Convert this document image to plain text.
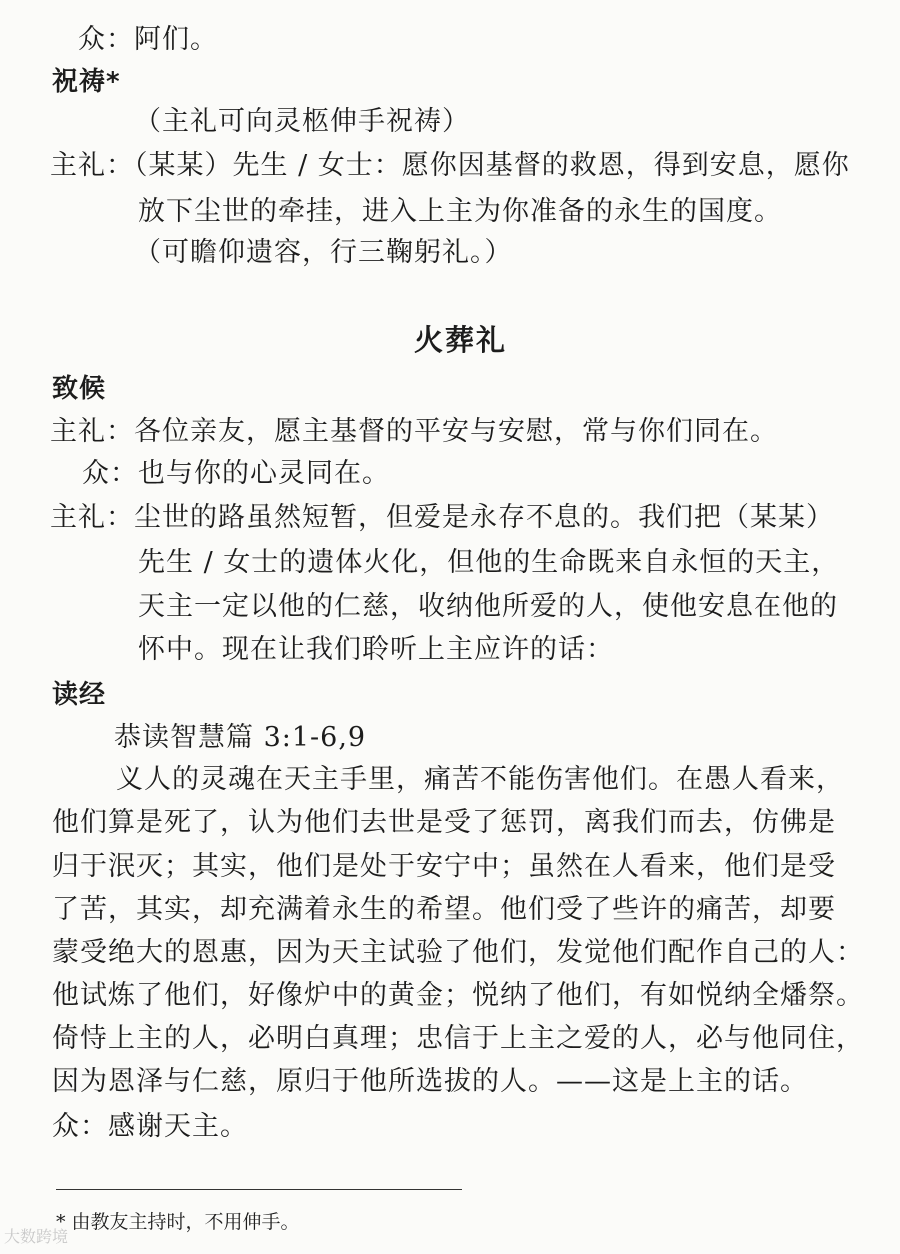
众：阿们。
祝祷*
（主礼可向灵柩伸手祝祷）
主礼：（某某）先生 / 女士：愿你因基督的救恩，得到安息，愿你
放下尘世的牵挂，进入上主为你准备的永生的国度。
（可瞻仰遗容，行三鞠躬礼。）
火葬礼
致候
主礼：各位亲友，愿主基督的平安与安慰，常与你们同在。
众：也与你的心灵同在。
主礼：尘世的路虽然短暂，但爱是永存不息的。我们把（某某）
先生 / 女士的遗体火化，但他的生命既来自永恒的天主，
天主一定以他的仁慈，收纳他所爱的人，使他安息在他的
怀中。现在让我们聆听上主应许的话：
读经
恭读智慧篇 3:1-6,9
义人的灵魂在天主手里，痛苦不能伤害他们。在愚人看来，
他们算是死了，认为他们去世是受了惩罚，离我们而去，仿佛是
归于泯灭；其实，他们是处于安宁中；虽然在人看来，他们是受
了苦，其实，却充满着永生的希望。他们受了些许的痛苦，却要
蒙受绝大的恩惠，因为天主试验了他们，发觉他们配作自己的人：
他试炼了他们，好像炉中的黄金；悦纳了他们，有如悦纳全燔祭。
倚恃上主的人，必明白真理；忠信于上主之爱的人，必与他同住，
因为恩泽与仁慈，原归于他所选拔的人。——这是上主的话。
众：感谢天主。
* 由教友主持时，不用伸手。
大数跨境
